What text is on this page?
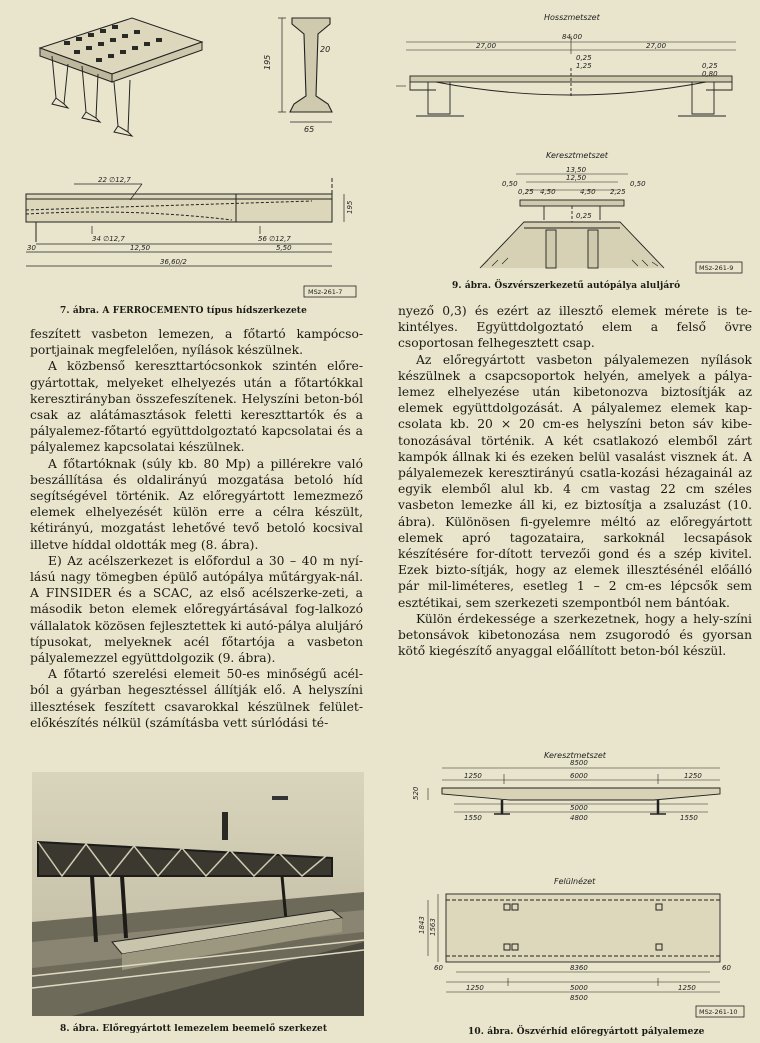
195
20
65
22 ∅12,7
34 ∅12,7	56 ∅12,7
30	12,50	5,50
36,60/2
195
MSz-261-7
7. ábra. A FERROCEMENTO típus hídszerkezete
Hosszmetszet
84,00
27,00	27,00
0,25
1,25	0,25
0,80
Keresztmetszet
13,50
12,50
0,50
0,25 4,50	4,50 2,25
0,50
0,25
MSz-261-9
9. ábra. Öszvérszerkezetű autópálya aluljáró

feszített vasbeton lemezen, a főtartó kampócso-portjainak megfelelően, nyílások készülnek.

A közbenső kereszttartócsonkok szintén előre-gyártottak, melyeket elhelyezés után a főtartókkal keresztirányban összefeszítenek. Helyszíni beton-ból csak az alátámasztások feletti kereszttartók és a pályalemez-főtartó együttdolgoztató kapcsolatai és a pályalemez kapcsolatai készülnek.

A főtartóknak (súly kb. 80 Mp) a pillérekre való beszállítása és oldalirányú mozgatása betoló híd segítségével történik. Az előregyártott lemezmező elemek elhelyezését külön erre a célra készült, kétirányú, mozgatást lehetővé tevő betoló kocsival illetve híddal oldották meg (8. ábra).

E) Az acélszerkezet is előfordul a 30 – 40 m nyí-lású nagy tömegben épülő autópálya műtárgyak-nál. A FINSIDER és a SCAC, az első acélszerke-zeti, a második beton elemek előregyártásával fog-lalkozó vállalatok közösen fejlesztettek ki autó-pálya aluljáró típusokat, melyeknek acél főtartója a vasbeton pályalemezzel együttdolgozik (9. ábra).

A főtartó szerelési elemeit 50-es minőségű acél-ból a gyárban hegesztéssel állítják elő. A helyszíni illesztések feszített csavarokkal készülnek felület-előkészítés nélkül (számításba vett súrlódási té-

nyező 0,3) és ezért az illesztő elemek mérete is te-kintélyes. Együttdolgoztató elem a felső övre csoportosan felhegesztett csap.

Az előregyártott vasbeton pályalemezen nyílások készülnek a csapcsoportok helyén, amelyek a pálya-lemez elhelyezése után kibetonozva biztosítják az elemek együttdolgozását. A pályalemez elemek kap-csolata kb. 20 × 20 cm-es helyszíni beton sáv kibe-tonozásával történik. A két csatlakozó elemből zárt kampók állnak ki és ezeken belül vasalást visznek át. A pályalemezek keresztirányú csatla-kozási hézagainál az egyik elemből alul kb. 4 cm vastag 22 cm széles vasbeton lemezke áll ki, ez biztosítja a zsaluzást (10. ábra). Különösen fi-gyelemre méltó az előregyártott elemek apró tagozataira, sarkoknál lecsapások készítésére for-dított tervezői gond és a szép kivitel. Ezek bizto-sítják, hogy az elemek illesztésénél előálló pár mil-liméteres, esetleg 1 – 2 cm-es lépcsők sem esztétikai, sem szerkezeti szempontból nem bántóak.

Külön érdekessége a szerkezetnek, hogy a hely-színi betonsávok kibetonozása nem zsugorodó és gyorsan kötő kiegészítő anyaggal előállított beton-ból készül.

8. ábra. Előregyártott lemezelem beemelő szerkezet
Keresztmetszet
8500
1250	6000	1250
520
5000
1550	4800	1550
Felülnézet
1843 1563
60	60
8360
1250	5000	1250
8500
MSz-261-10
10. ábra. Öszvérhíd előregyártott pályalemeze
